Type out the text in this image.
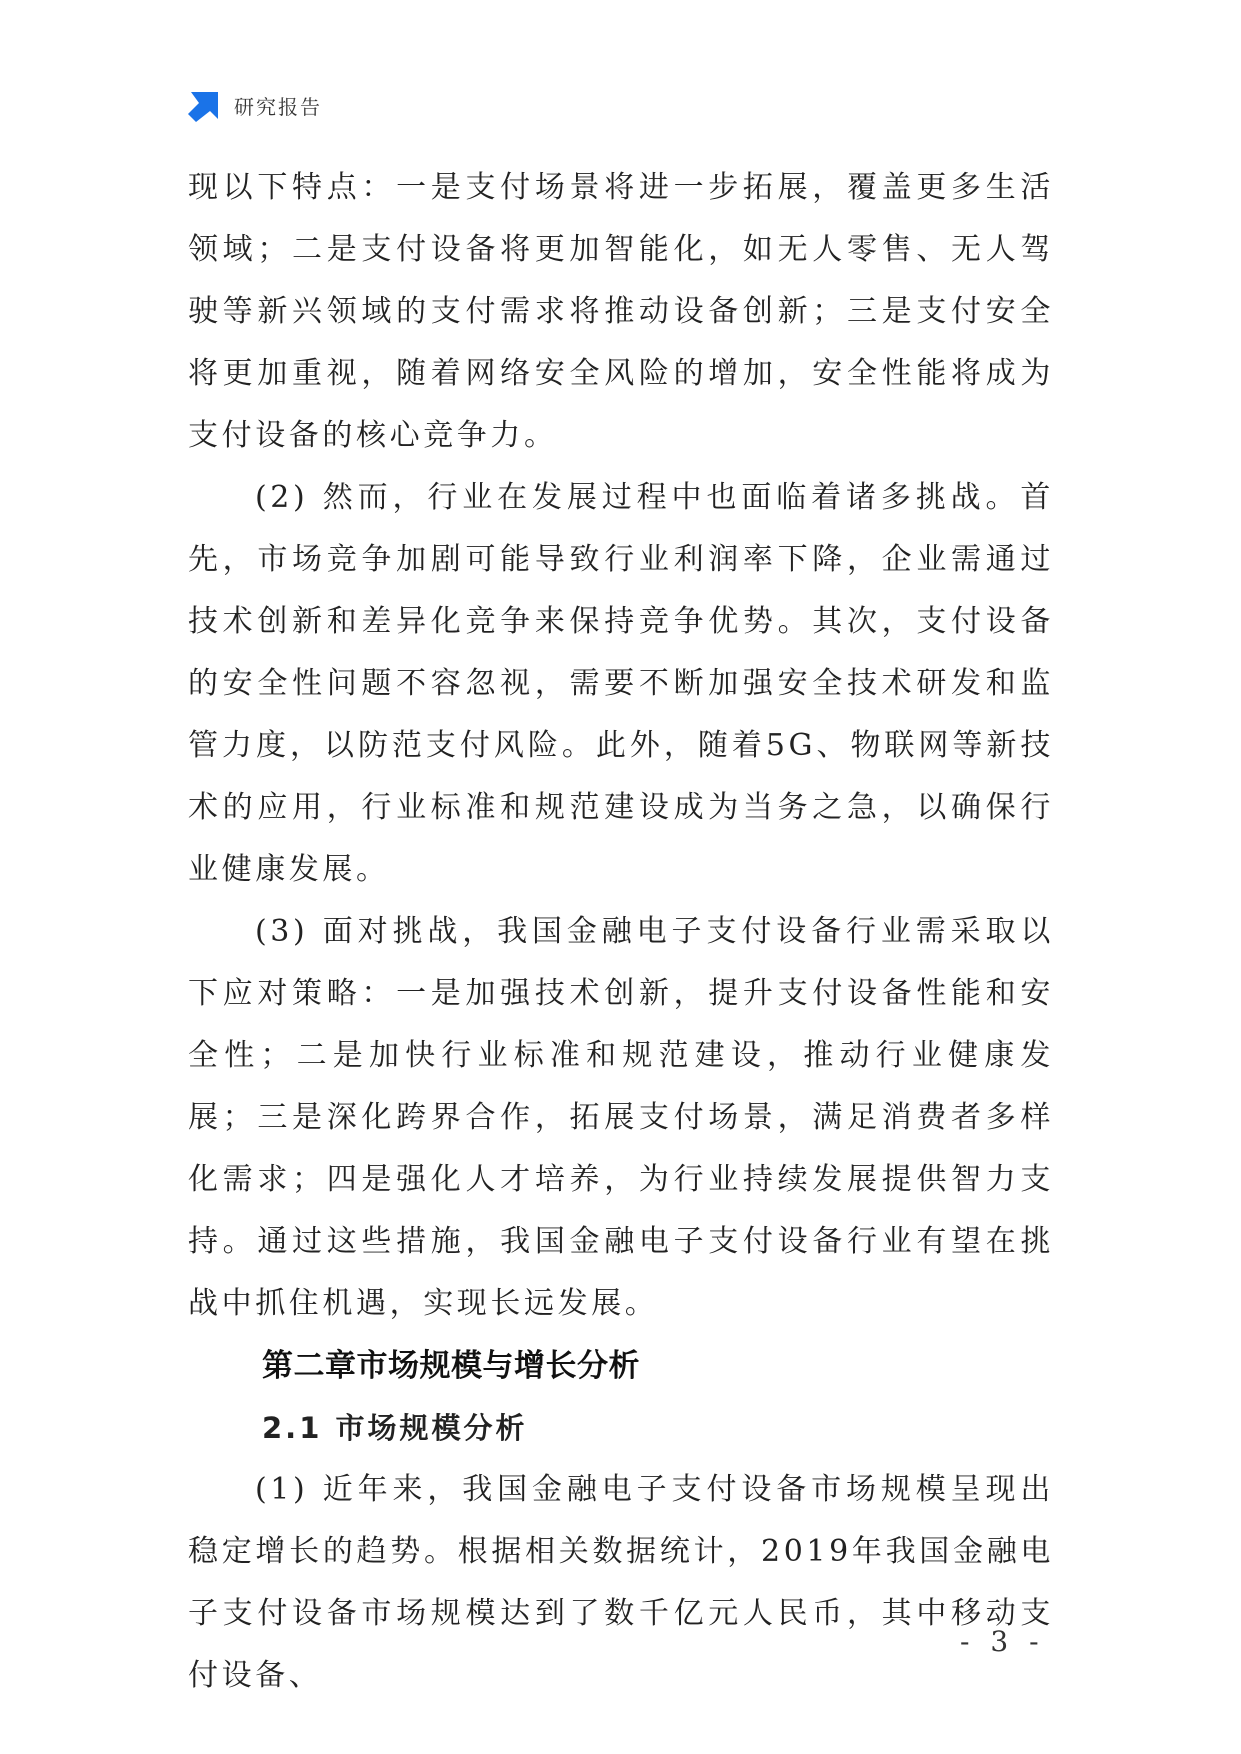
研究报告

现以下特点：一是支付场景将进一步拓展，覆盖更多生活领域；二是支付设备将更加智能化，如无人零售、无人驾驶等新兴领域的支付需求将推动设备创新；三是支付安全将更加重视，随着网络安全风险的增加，安全性能将成为支付设备的核心竞争力。

(2) 然而，行业在发展过程中也面临着诸多挑战。首先，市场竞争加剧可能导致行业利润率下降，企业需通过技术创新和差异化竞争来保持竞争优势。其次，支付设备的安全性问题不容忽视，需要不断加强安全技术研发和监管力度，以防范支付风险。此外，随着5G、物联网等新技术的应用，行业标准和规范建设成为当务之急，以确保行业健康发展。

(3) 面对挑战，我国金融电子支付设备行业需采取以下应对策略：一是加强技术创新，提升支付设备性能和安全性；二是加快行业标准和规范建设，推动行业健康发展；三是深化跨界合作，拓展支付场景，满足消费者多样化需求；四是强化人才培养，为行业持续发展提供智力支持。通过这些措施，我国金融电子支付设备行业有望在挑战中抓住机遇，实现长远发展。

第二章市场规模与增长分析
2.1 市场规模分析

(1) 近年来，我国金融电子支付设备市场规模呈现出稳定增长的趋势。根据相关数据统计，2019年我国金融电子支付设备市场规模达到了数千亿元人民币，其中移动支付设备、

- 3 -
